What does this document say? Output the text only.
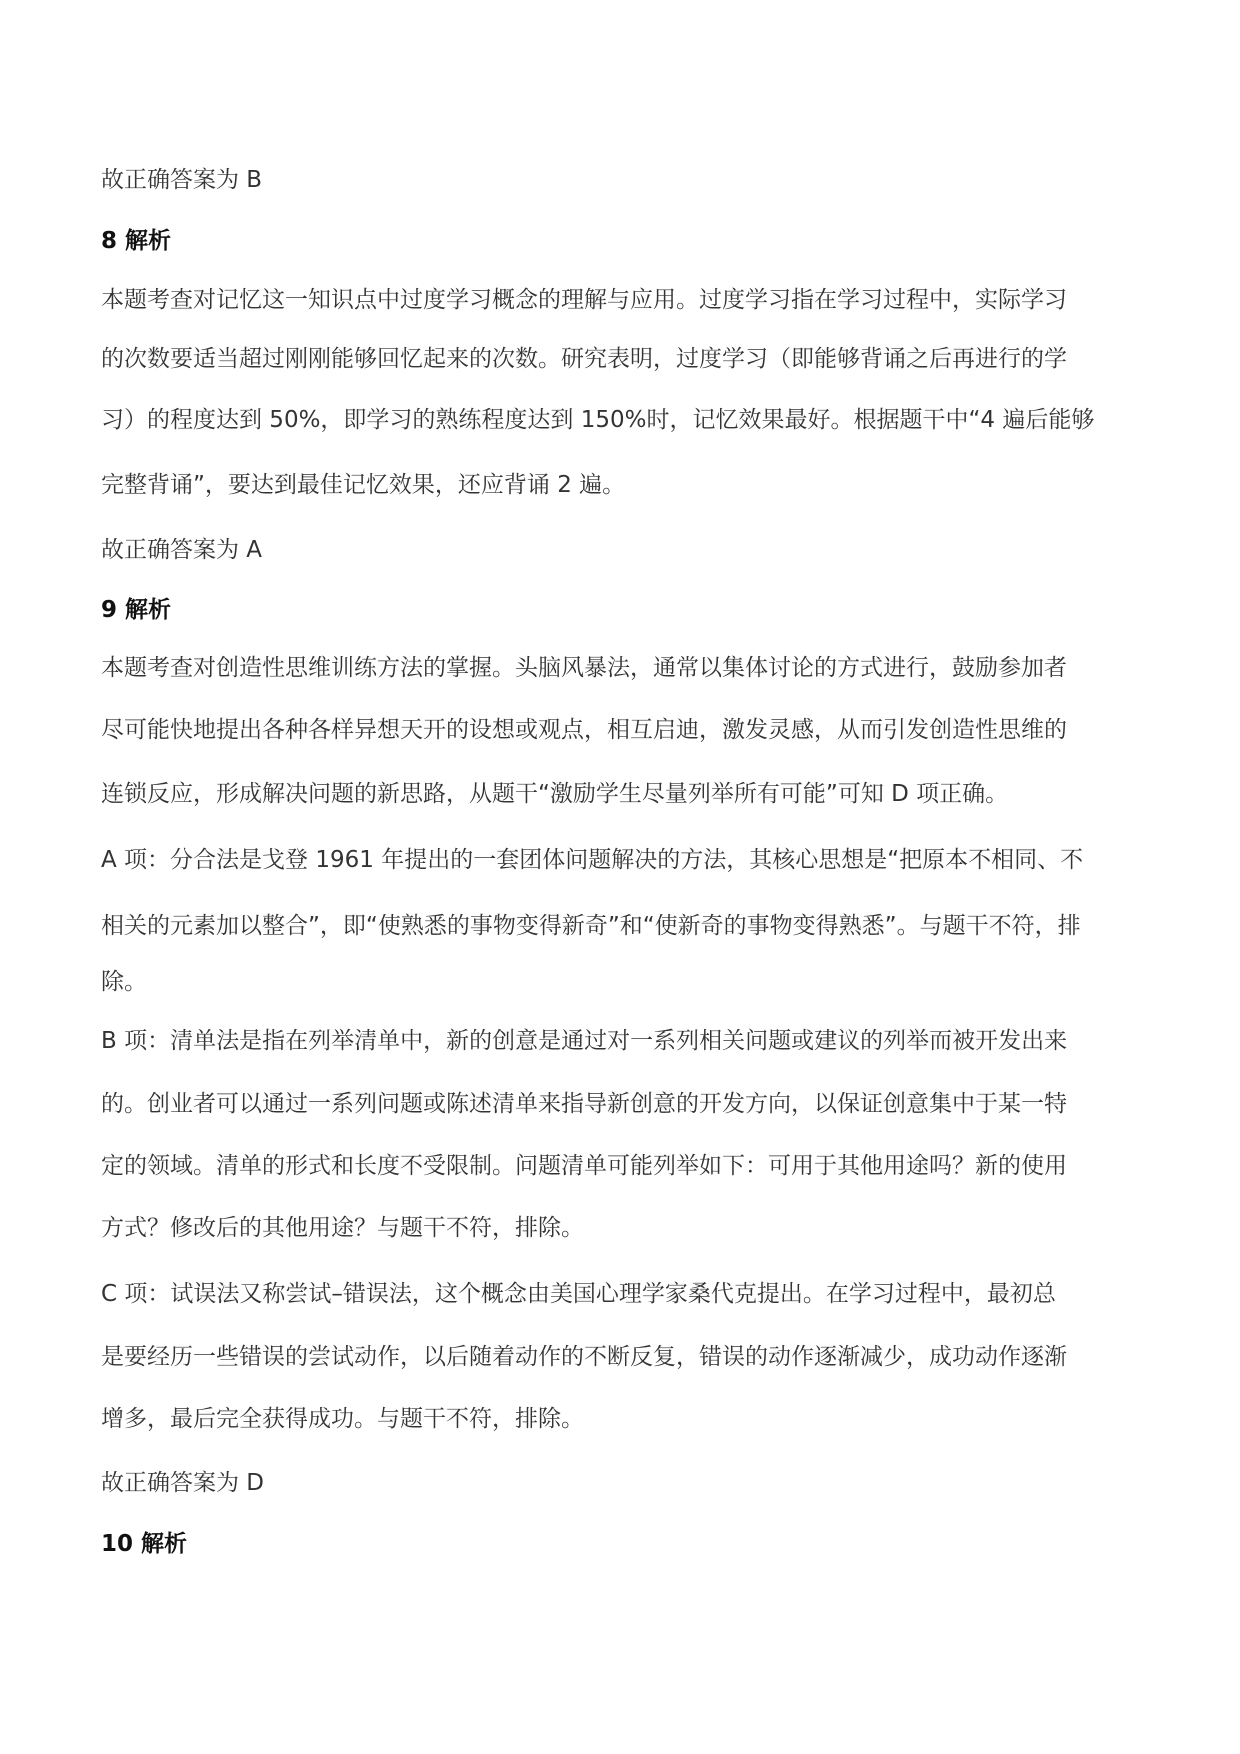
故正确答案为 B
8 解析
本题考查对记忆这一知识点中过度学习概念的理解与应用。过度学习指在学习过程中，实际学习
的次数要适当超过刚刚能够回忆起来的次数。研究表明，过度学习（即能够背诵之后再进行的学
习）的程度达到 50%，即学习的熟练程度达到 150%时，记忆效果最好。根据题干中“4 遍后能够
完整背诵”，要达到最佳记忆效果，还应背诵 2 遍。
故正确答案为 A
9 解析
本题考查对创造性思维训练方法的掌握。头脑风暴法，通常以集体讨论的方式进行，鼓励参加者
尽可能快地提出各种各样异想天开的设想或观点，相互启迪，激发灵感，从而引发创造性思维的
连锁反应，形成解决问题的新思路，从题干“激励学生尽量列举所有可能”可知 D 项正确。
A 项：分合法是戈登 1961 年提出的一套团体问题解决的方法，其核心思想是“把原本不相同、不
相关的元素加以整合”，即“使熟悉的事物变得新奇”和“使新奇的事物变得熟悉”。与题干不符，排
除。
B 项：清单法是指在列举清单中，新的创意是通过对一系列相关问题或建议的列举而被开发出来
的。创业者可以通过一系列问题或陈述清单来指导新创意的开发方向，以保证创意集中于某一特
定的领域。清单的形式和长度不受限制。问题清单可能列举如下：可用于其他用途吗？新的使用
方式？修改后的其他用途？与题干不符，排除。
C 项：试误法又称尝试–错误法，这个概念由美国心理学家桑代克提出。在学习过程中，最初总
是要经历一些错误的尝试动作，以后随着动作的不断反复，错误的动作逐渐减少，成功动作逐渐
增多，最后完全获得成功。与题干不符，排除。
故正确答案为 D
10 解析
